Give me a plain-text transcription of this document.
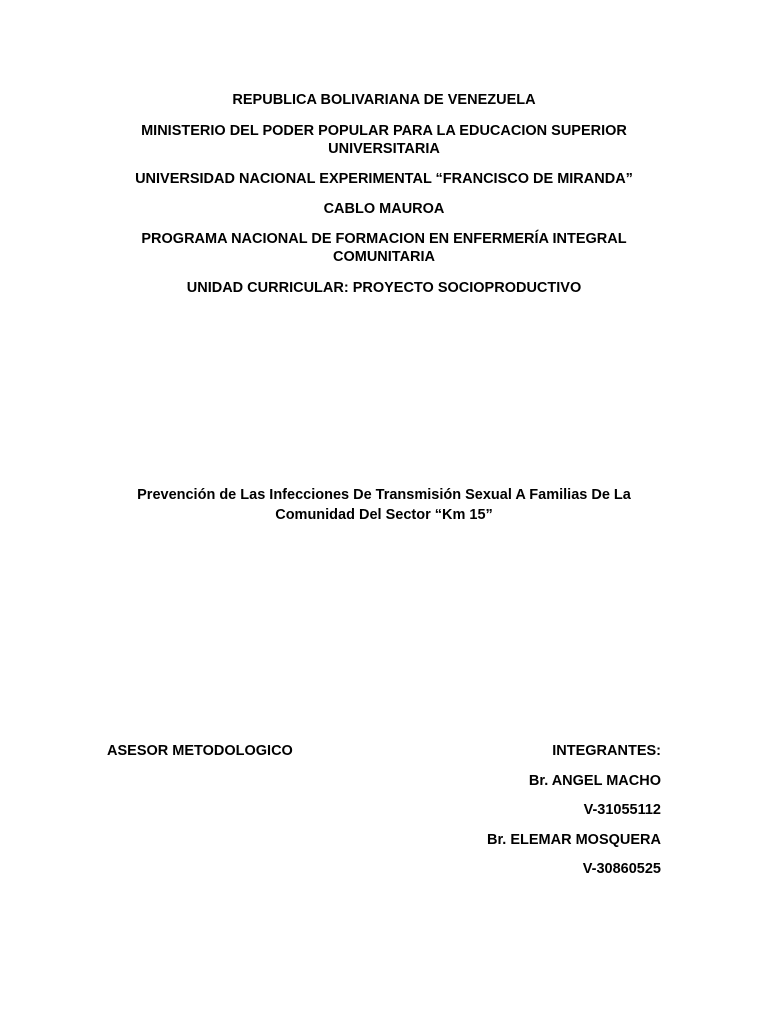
REPUBLICA BOLIVARIANA DE VENEZUELA
MINISTERIO DEL PODER POPULAR PARA LA EDUCACION SUPERIOR UNIVERSITARIA
UNIVERSIDAD NACIONAL EXPERIMENTAL “FRANCISCO DE MIRANDA”
CABLO MAUROA
PROGRAMA NACIONAL DE FORMACION EN ENFERMERÍA INTEGRAL COMUNITARIA
UNIDAD CURRICULAR: PROYECTO SOCIOPRODUCTIVO
Prevención de Las Infecciones De Transmisión Sexual A Familias De La Comunidad Del Sector “Km 15”
ASESOR METODOLOGICO	INTEGRANTES:
Br. ANGEL MACHO
V-31055112
Br. ELEMAR MOSQUERA
V-30860525
